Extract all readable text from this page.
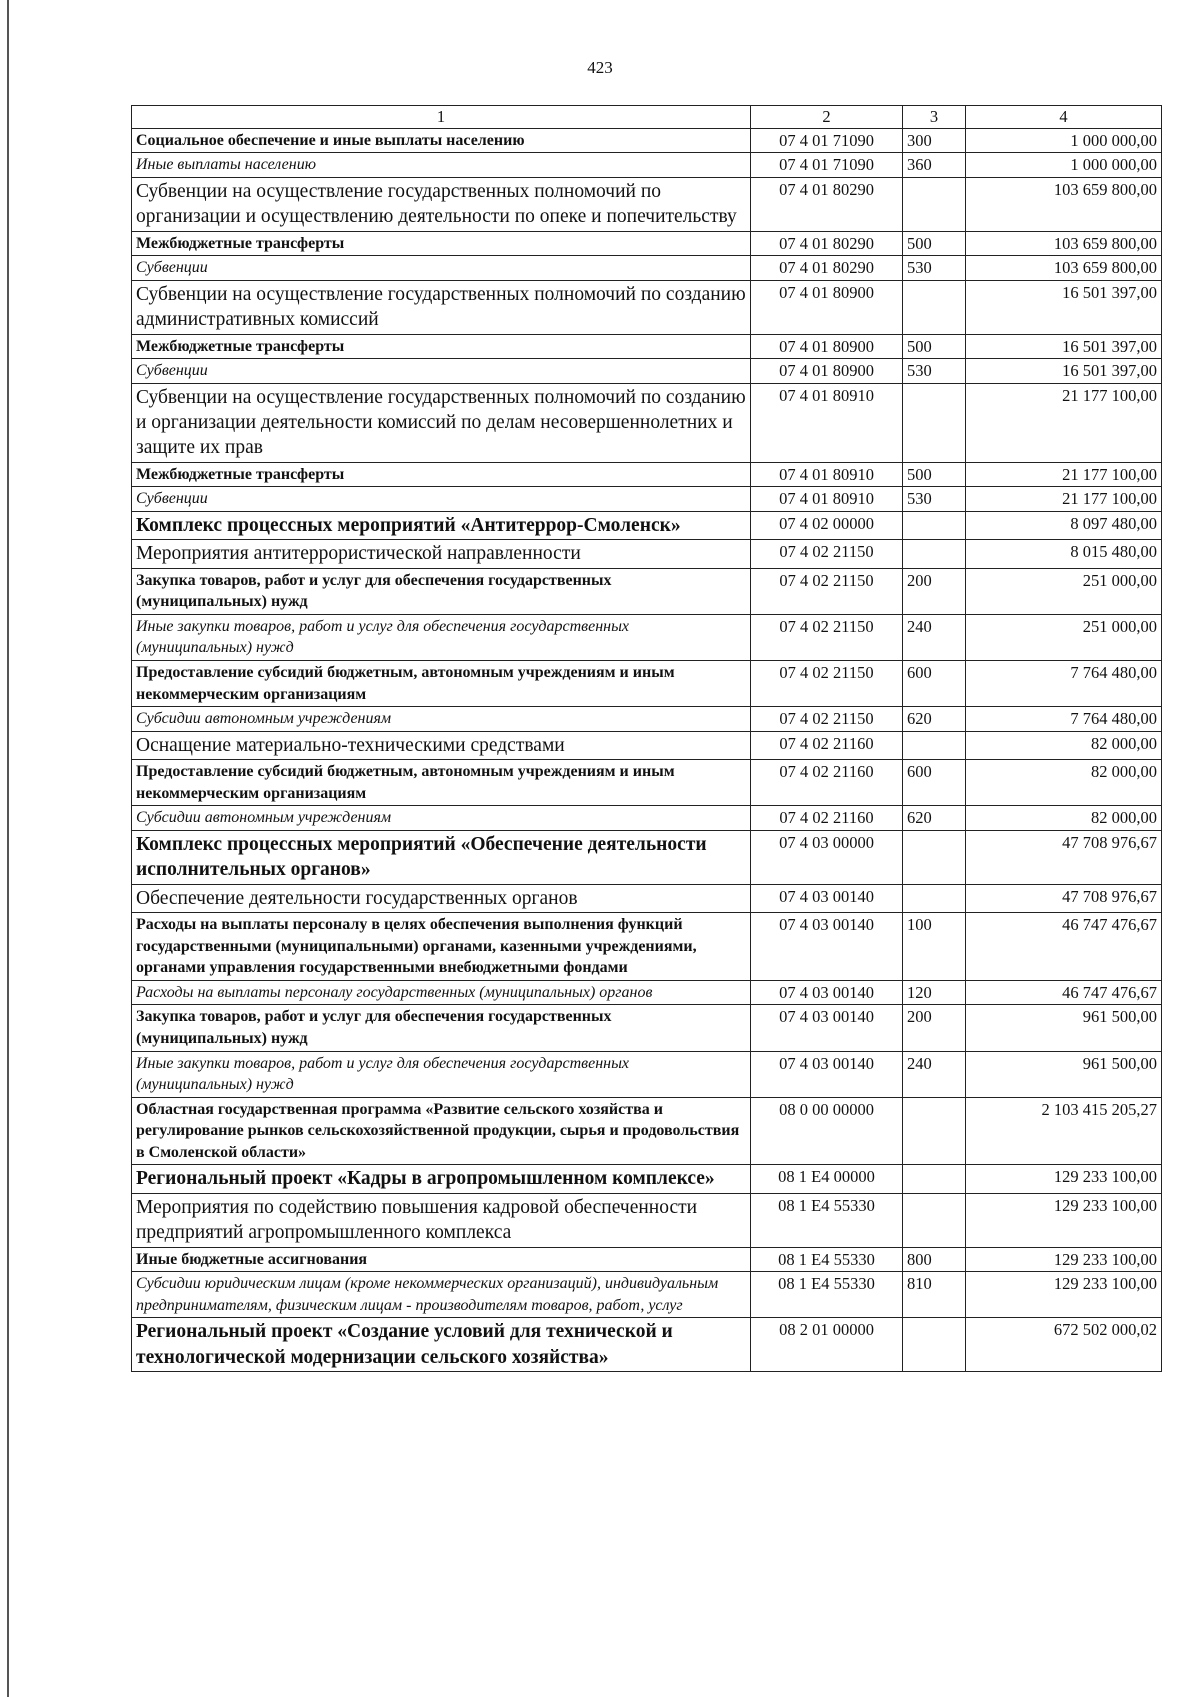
423
1	2	3	4
Социальное обеспечение и иные выплаты населению	07 4 01 71090	300	1 000 000,00
Иные выплаты населению	07 4 01 71090	360	1 000 000,00
Субвенции на осуществление государственных полномочий по организации и осуществлению деятельности по опеке и попечительству	07 4 01 80290		103 659 800,00
Межбюджетные трансферты	07 4 01 80290	500	103 659 800,00
Субвенции	07 4 01 80290	530	103 659 800,00
Субвенции на осуществление государственных полномочий по созданию административных комиссий	07 4 01 80900		16 501 397,00
Межбюджетные трансферты	07 4 01 80900	500	16 501 397,00
Субвенции	07 4 01 80900	530	16 501 397,00
Субвенции на осуществление государственных полномочий по созданию и организации деятельности комиссий по делам несовершеннолетних и защите их прав	07 4 01 80910		21 177 100,00
Межбюджетные трансферты	07 4 01 80910	500	21 177 100,00
Субвенции	07 4 01 80910	530	21 177 100,00
Комплекс процессных мероприятий «Антитеррор-Смоленск»	07 4 02 00000		8 097 480,00
Мероприятия антитеррористической направленности	07 4 02 21150		8 015 480,00
Закупка товаров, работ и услуг для обеспечения государственных (муниципальных) нужд	07 4 02 21150	200	251 000,00
Иные закупки товаров, работ и услуг для обеспечения государственных (муниципальных) нужд	07 4 02 21150	240	251 000,00
Предоставление субсидий бюджетным, автономным учреждениям и иным некоммерческим организациям	07 4 02 21150	600	7 764 480,00
Субсидии автономным учреждениям	07 4 02 21150	620	7 764 480,00
Оснащение материально-техническими средствами	07 4 02 21160		82 000,00
Предоставление субсидий бюджетным, автономным учреждениям и иным некоммерческим организациям	07 4 02 21160	600	82 000,00
Субсидии автономным учреждениям	07 4 02 21160	620	82 000,00
Комплекс процессных мероприятий «Обеспечение деятельности исполнительных органов»	07 4 03 00000		47 708 976,67
Обеспечение деятельности государственных органов	07 4 03 00140		47 708 976,67
Расходы на выплаты персоналу в целях обеспечения выполнения функций государственными (муниципальными) органами, казенными учреждениями, органами управления государственными внебюджетными фондами	07 4 03 00140	100	46 747 476,67
Расходы на выплаты персоналу государственных (муниципальных) органов	07 4 03 00140	120	46 747 476,67
Закупка товаров, работ и услуг для обеспечения государственных (муниципальных) нужд	07 4 03 00140	200	961 500,00
Иные закупки товаров, работ и услуг для обеспечения государственных (муниципальных) нужд	07 4 03 00140	240	961 500,00
Областная государственная программа «Развитие сельского хозяйства и регулирование рынков сельскохозяйственной продукции, сырья и продовольствия в Смоленской области»	08 0 00 00000		2 103 415 205,27
Региональный проект «Кадры в агропромышленном комплексе»	08 1 E4 00000		129 233 100,00
Мероприятия по содействию повышения кадровой обеспеченности предприятий агропромышленного комплекса	08 1 E4 55330		129 233 100,00
Иные бюджетные ассигнования	08 1 E4 55330	800	129 233 100,00
Субсидии юридическим лицам (кроме некоммерческих организаций), индивидуальным предпринимателям, физическим лицам - производителям товаров, работ, услуг	08 1 E4 55330	810	129 233 100,00
Региональный проект «Создание условий для технической и технологической модернизации сельского хозяйства»	08 2 01 00000		672 502 000,02
